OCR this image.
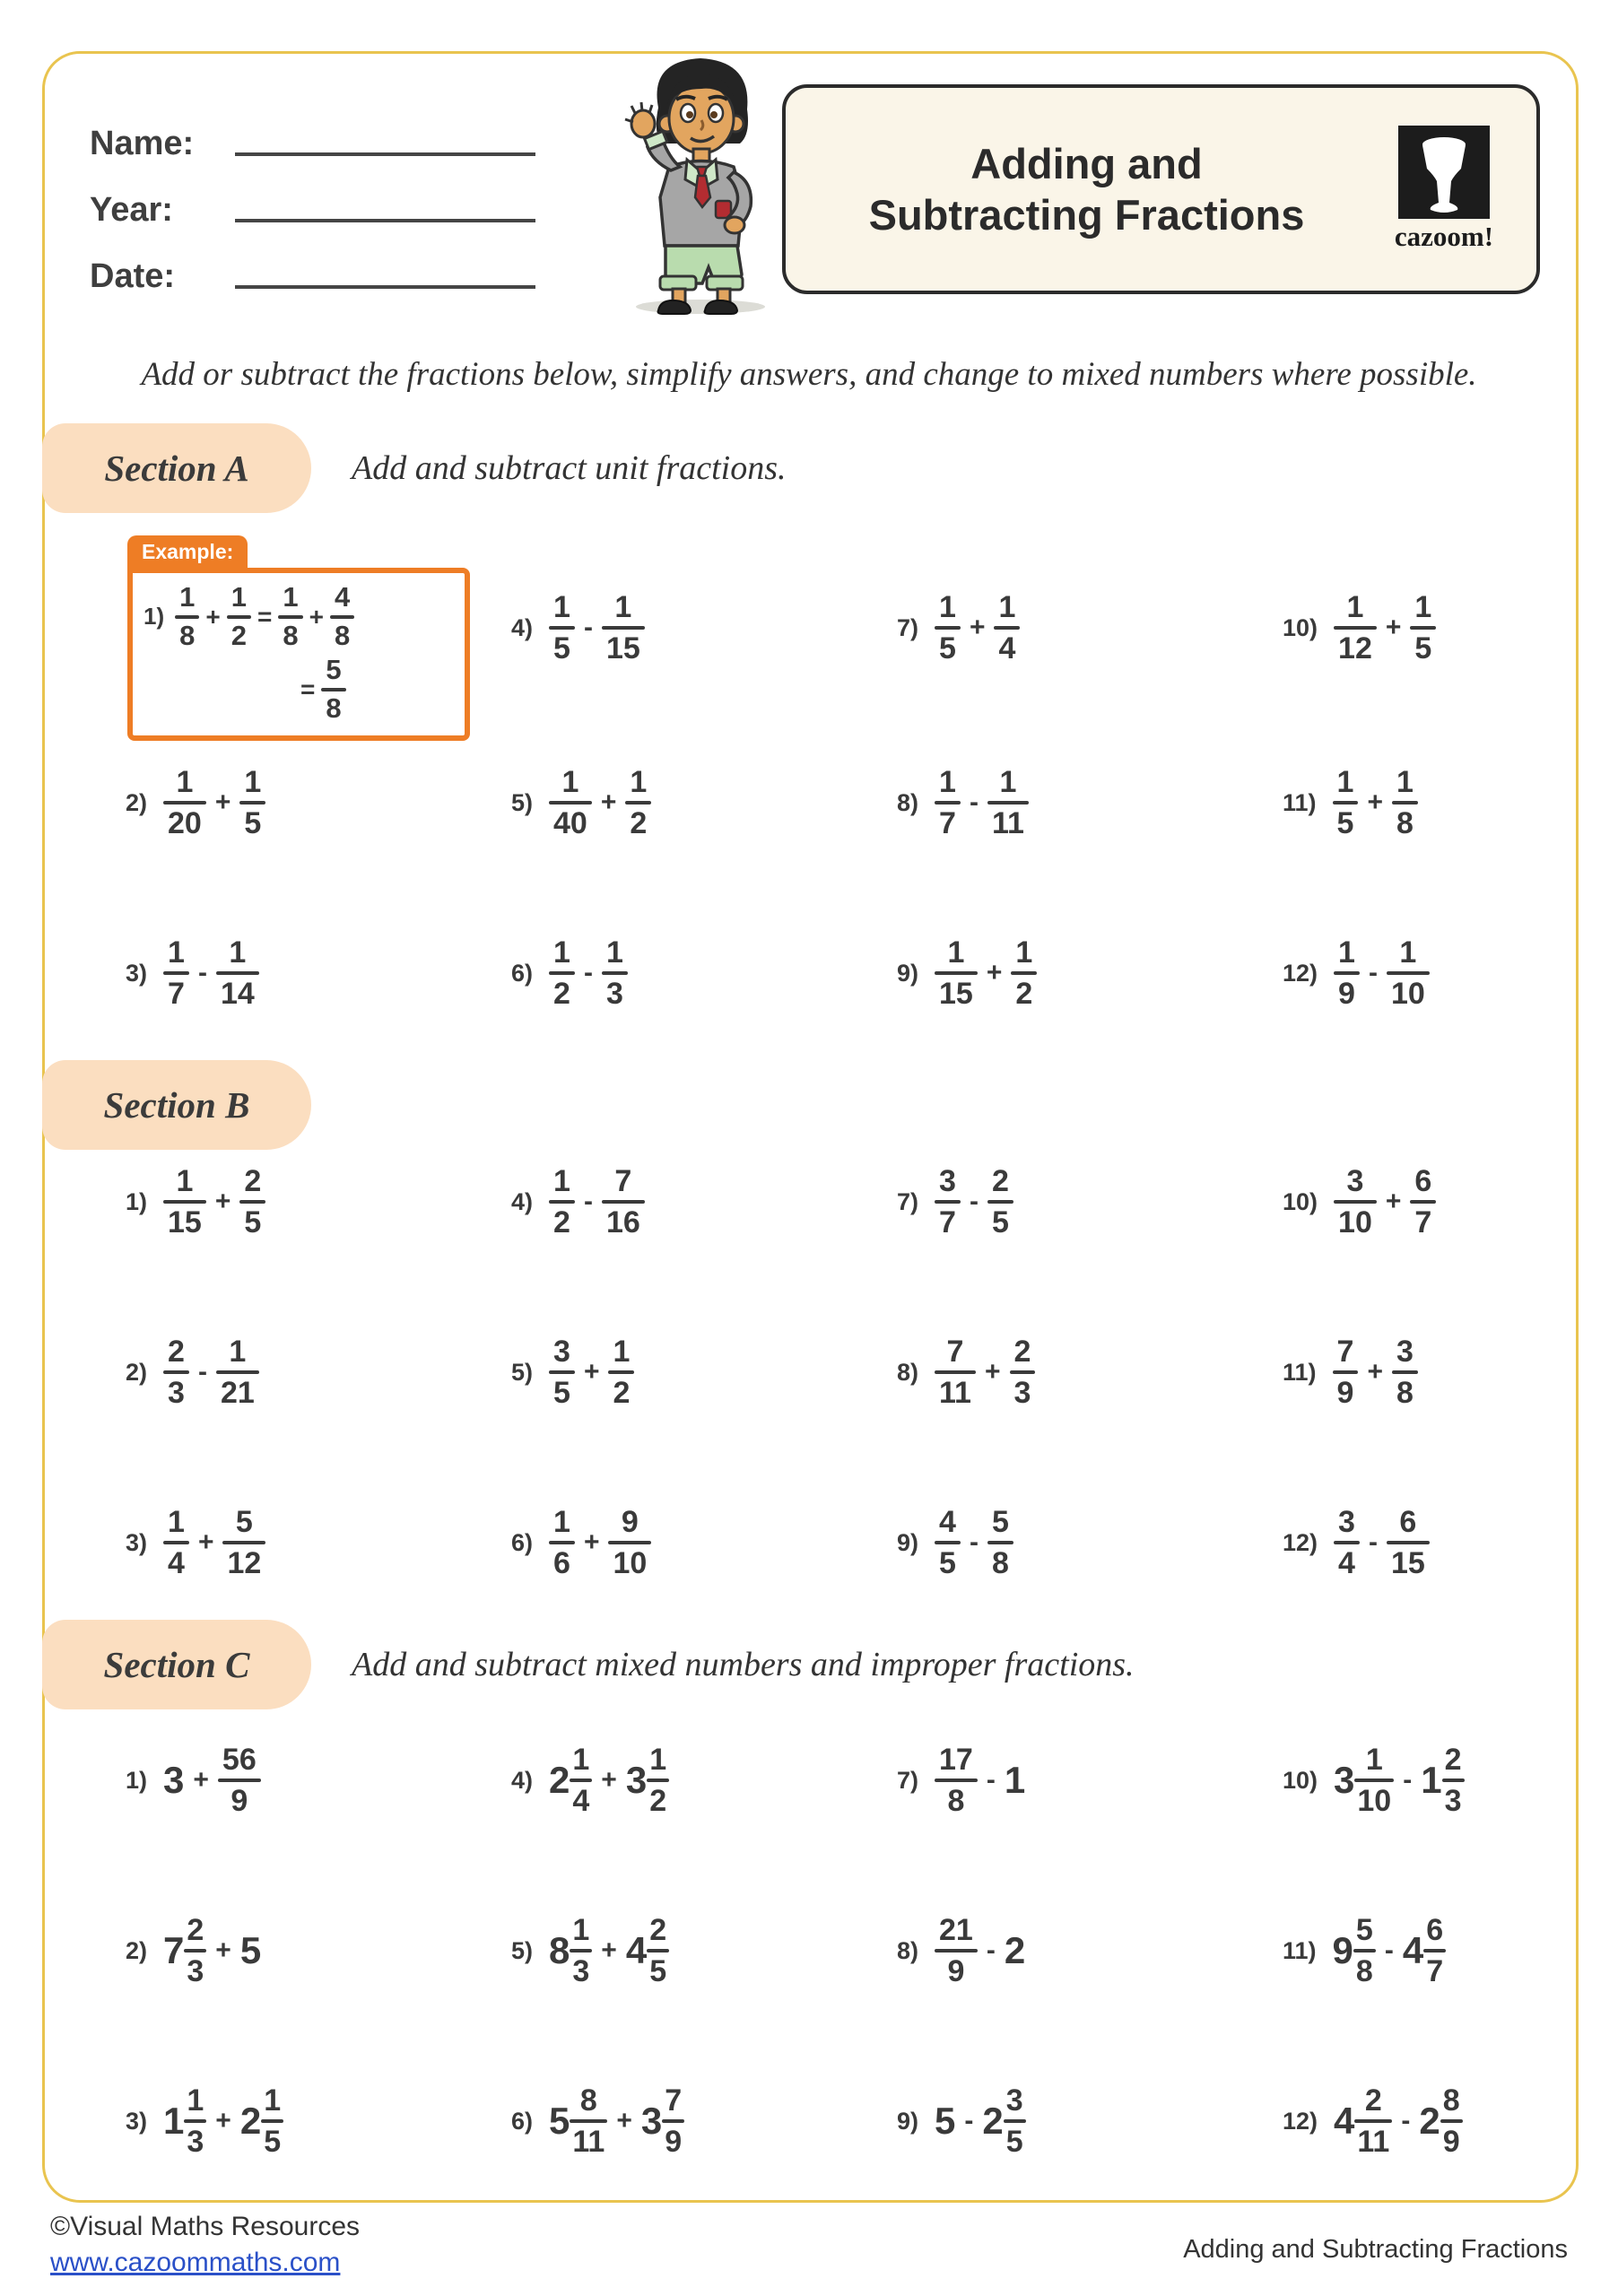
Name:
Year:
Date:
Adding and
Subtracting Fractions	cazoom!
Add or subtract the fractions below, simplify answers, and change to mixed numbers where possible.
Section A	Add and subtract unit fractions.
Section B
Section C	Add and subtract mixed numbers and improper fractions.
Example:
$1) \frac{1}{8} + \frac{1}{2} = \frac{1}{8} + \frac{4}{8}$
= $\frac{5}{8}$
©Visual Maths Resources
www.cazoommaths.com	Adding and Subtracting Fractions
$4) \frac{1}{5} - \frac{1}{15}$	$7) \frac{1}{5} + \frac{1}{4}$	$10) \frac{1}{12} + \frac{1}{5}$
$2) \frac{1}{20} + \frac{1}{5}$	$5) \frac{1}{40} + \frac{1}{2}$	$8) \frac{1}{7} - \frac{1}{11}$	$11) \frac{1}{5} + \frac{1}{8}$
$3) \frac{1}{7} - \frac{1}{14}$	$6) \frac{1}{2} - \frac{1}{3}$	$9) \frac{1}{15} + \frac{1}{2}$	$12) \frac{1}{9} - \frac{1}{10}$
$1) \frac{1}{15} + \frac{2}{5}$	$4) \frac{1}{2} - \frac{7}{16}$	$7) \frac{3}{7} - \frac{2}{5}$	$10) \frac{3}{10} + \frac{6}{7}$
$2) \frac{2}{3} - \frac{1}{21}$	$5) \frac{3}{5} + \frac{1}{2}$	$8) \frac{7}{11} + \frac{2}{3}$	$11) \frac{7}{9} + \frac{3}{8}$
$3) \frac{1}{4} + \frac{5}{12}$	$6) \frac{1}{6} + \frac{9}{10}$	$9) \frac{4}{5} - \frac{5}{8}$	$12) \frac{3}{4} - \frac{6}{15}$
1) $3 + \frac{56}{9}$	4) $2 \frac{1}{4} + 3 \frac{1}{2}$	$7) \frac{17}{8} - 1$	10) $3 \frac{1}{10} - 1 \frac{2}{3}$
2) $7 \frac{2}{3} + 5$	5) $8 \frac{1}{3} + 4 \frac{2}{5}$	$8) \frac{21}{9} - 2$	11) $9 \frac{5}{8} - 4 \frac{6}{7}$
3) $1 \frac{1}{3} + 2 \frac{1}{5}$	6) $5 \frac{8}{11} + 3 \frac{7}{9}$	9) $5 - 2 \frac{3}{5}$	12) $4 \frac{2}{11} - 2 \frac{8}{9}$
